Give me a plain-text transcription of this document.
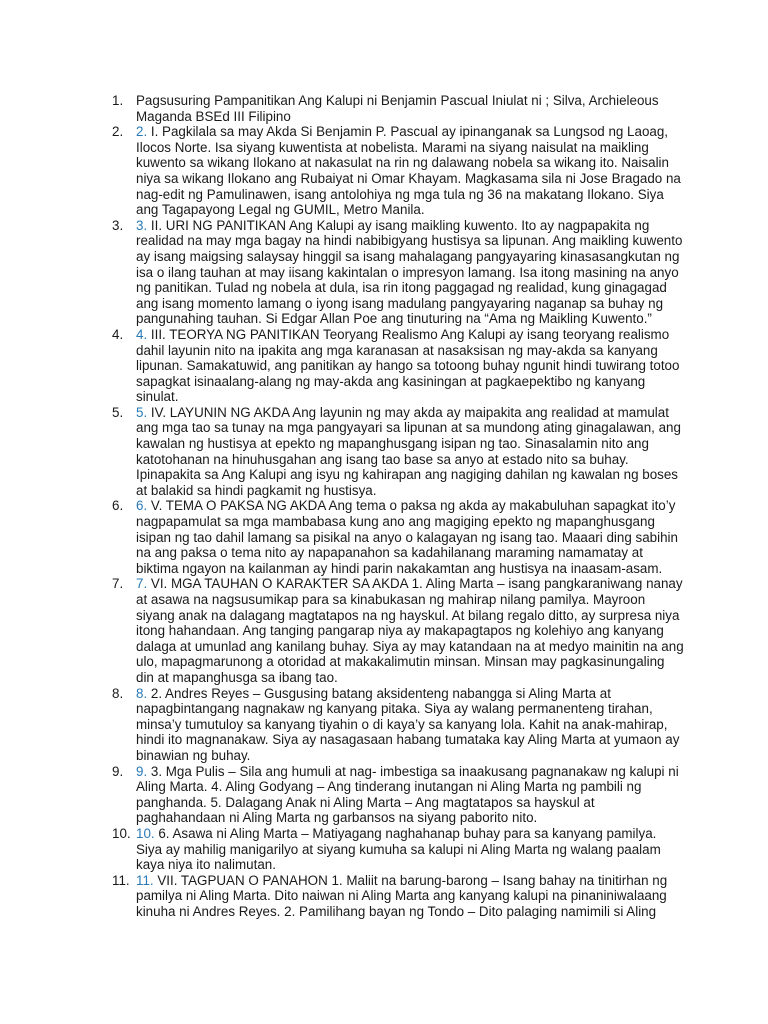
1. Pagsusuring Pampanitikan Ang Kalupi ni Benjamin Pascual Iniulat ni ; Silva, Archieleous Maganda BSEd III Filipino
2. 2. I. Pagkilala sa may Akda Si Benjamin P. Pascual ay ipinanganak sa Lungsod ng Laoag, Ilocos Norte. Isa siyang kuwentista at nobelista. Marami na siyang naisulat na maikling kuwento sa wikang Ilokano at nakasulat na rin ng dalawang nobela sa wikang ito. Naisalin niya sa wikang Ilokano ang Rubaiyat ni Omar Khayam. Magkasama sila ni Jose Bragado na nag-edit ng Pamulinawen, isang antolohiya ng mga tula ng 36 na makatang Ilokano. Siya ang Tagapayong Legal ng GUMIL, Metro Manila.
3. 3. II. URI NG PANITIKAN Ang Kalupi ay isang maikling kuwento. Ito ay nagpapakita ng realidad na may mga bagay na hindi nabibigyang hustisya sa lipunan. Ang maikling kuwento ay isang maigsing salaysay hinggil sa isang mahalagang pangyayaring kinasasangkutan ng isa o ilang tauhan at may iisang kakintalan o impresyon lamang. Isa itong masining na anyo ng panitikan. Tulad ng nobela at dula, isa rin itong paggagad ng realidad, kung ginagagad ang isang momento lamang o iyong isang madulang pangyayaring naganap sa buhay ng pangunahing tauhan. Si Edgar Allan Poe ang tinuturing na “Ama ng Maikling Kuwento.”
4. 4. III. TEORYA NG PANITIKAN Teoryang Realismo Ang Kalupi ay isang teoryang realismo dahil layunin nito na ipakita ang mga karanasan at nasaksisan ng may-akda sa kanyang lipunan. Samakatuwid, ang panitikan ay hango sa totoong buhay ngunit hindi tuwirang totoo sapagkat isinaalang-alang ng may-akda ang kasiningan at pagkaepektibo ng kanyang sinulat.
5. 5. IV. LAYUNIN NG AKDA Ang layunin ng may akda ay maipakita ang realidad at mamulat ang mga tao sa tunay na mga pangyayari sa lipunan at sa mundong ating ginagalawan, ang kawalan ng hustisya at epekto ng mapanghusgang isipan ng tao. Sinasalamin nito ang katotohanan na hinuhusgahan ang isang tao base sa anyo at estado nito sa buhay. Ipinapakita sa Ang Kalupi ang isyu ng kahirapan ang nagiging dahilan ng kawalan ng boses at balakid sa hindi pagkamit ng hustisya.
6. 6. V. TEMA O PAKSA NG AKDA Ang tema o paksa ng akda ay makabuluhan sapagkat ito’y nagpapamulat sa mga mambabasa kung ano ang magiging epekto ng mapanghusgang isipan ng tao dahil lamang sa pisikal na anyo o kalagayan ng isang tao. Maaari ding sabihin na ang paksa o tema nito ay napapanahon sa kadahilanang maraming namamatay at biktima ngayon na kailanman ay hindi parin nakakamtan ang hustisya na inaasam-asam.
7. 7. VI. MGA TAUHAN O KARAKTER SA AKDA 1. Aling Marta – isang pangkaraniwang nanay at asawa na nagsusumikap para sa kinabukasan ng mahirap nilang pamilya. Mayroon siyang anak na dalagang magtatapos na ng hayskul. At bilang regalo ditto, ay surpresa niya itong hahandaan. Ang tanging pangarap niya ay makapagtapos ng kolehiyo ang kanyang dalaga at umunlad ang kanilang buhay. Siya ay may katandaan na at medyo mainitin na ang ulo, mapagmarunong a otoridad at makakalimutin minsan. Minsan may pagkasinungaling din at mapanghusga sa ibang tao.
8. 8. 2. Andres Reyes – Gusgusing batang aksidenteng nabangga si Aling Marta at napagbintangang nagnakaw ng kanyang pitaka. Siya ay walang permanenteng tirahan, minsa’y tumutuloy sa kanyang tiyahin o di kaya’y sa kanyang lola. Kahit na anak-mahirap, hindi ito magnanakaw. Siya ay nasagasaan habang tumataka kay Aling Marta at yumaon ay binawian ng buhay.
9. 9. 3. Mga Pulis – Sila ang humuli at nag- imbestiga sa inaakusang pagnanakaw ng kalupi ni Aling Marta. 4. Aling Godyang – Ang tinderang inutangan ni Aling Marta ng pambili ng panghanda. 5. Dalagang Anak ni Aling Marta – Ang magtatapos sa hayskul at paghahandaan ni Aling Marta ng garbansos na siyang paborito nito.
10. 10. 6. Asawa ni Aling Marta – Matiyagang naghahanap buhay para sa kanyang pamilya. Siya ay mahilig manigarilyo at siyang kumuha sa kalupi ni Aling Marta ng walang paalam kaya niya ito nalimutan.
11. 11. VII. TAGPUAN O PANAHON 1. Maliit na barung-barong – Isang bahay na tinitirhan ng pamilya ni Aling Marta. Dito naiwan ni Aling Marta ang kanyang kalupi na pinaniniwalaang kinuha ni Andres Reyes. 2. Pamilihang bayan ng Tondo – Dito palaging namimili si Aling
